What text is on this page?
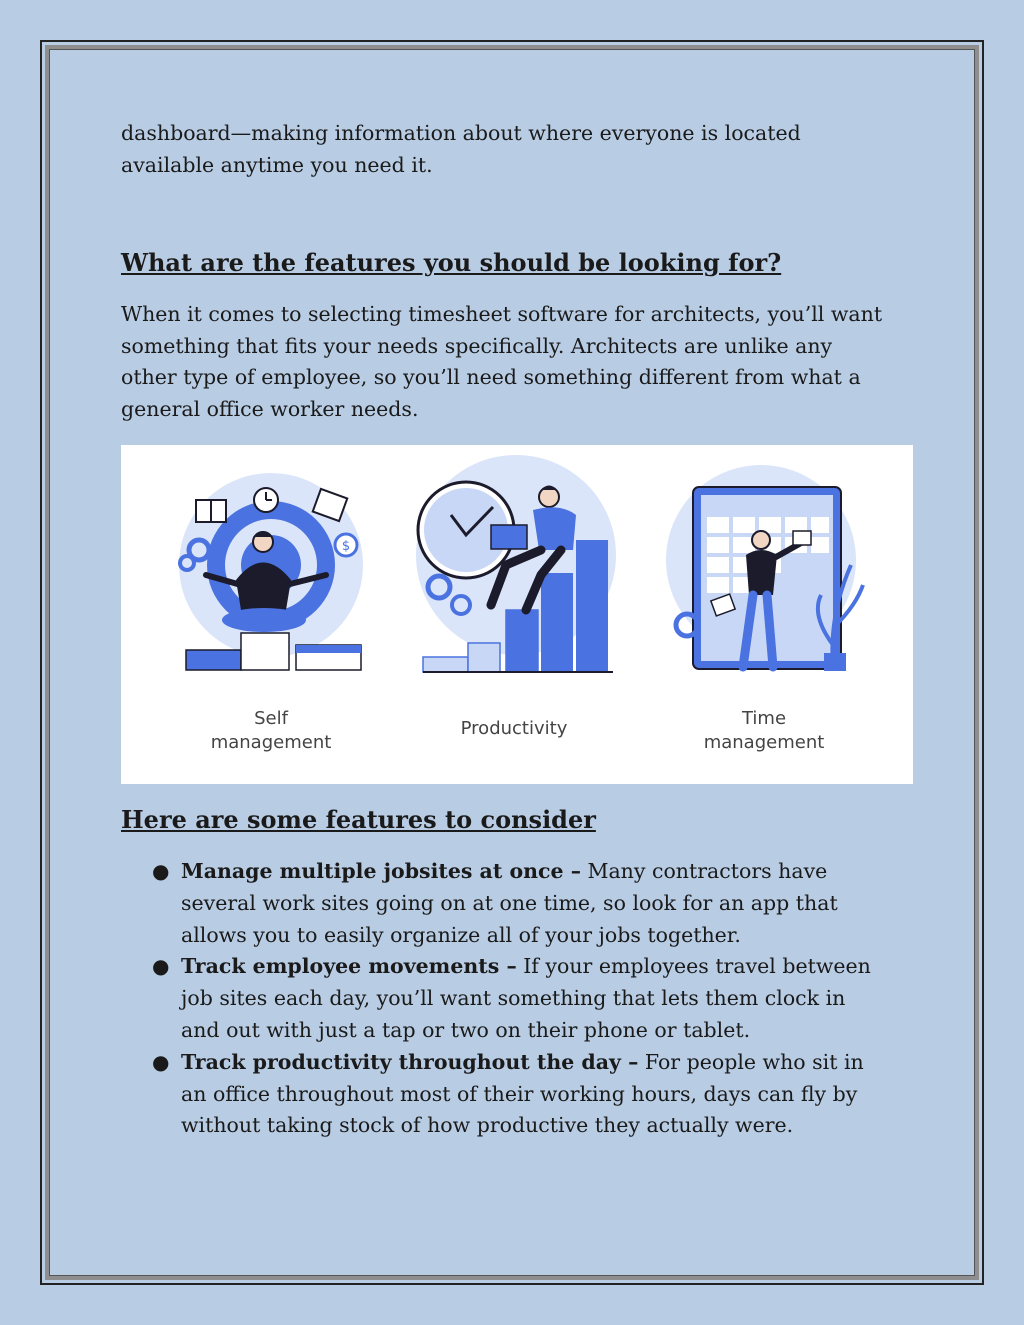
dashboard—making information about where everyone is located available anytime you need it.

What are the features you should be looking for?

When it comes to selecting timesheet software for architects, you’ll want something that fits your needs specifically. Architects are unlike any other type of employee, so you’ll need something different from what a general office worker needs.

$
Self
management
Productivity	Time
management
Here are some features to consider
● Manage multiple jobsites at once – Many contractors have several work sites going on at one time, so look for an app that allows you to easily organize all of your jobs together.
● Track employee movements – If your employees travel between job sites each day, you’ll want something that lets them clock in and out with just a tap or two on their phone or tablet.
● Track productivity throughout the day – For people who sit in an office throughout most of their working hours, days can fly by without taking stock of how productive they actually were.
